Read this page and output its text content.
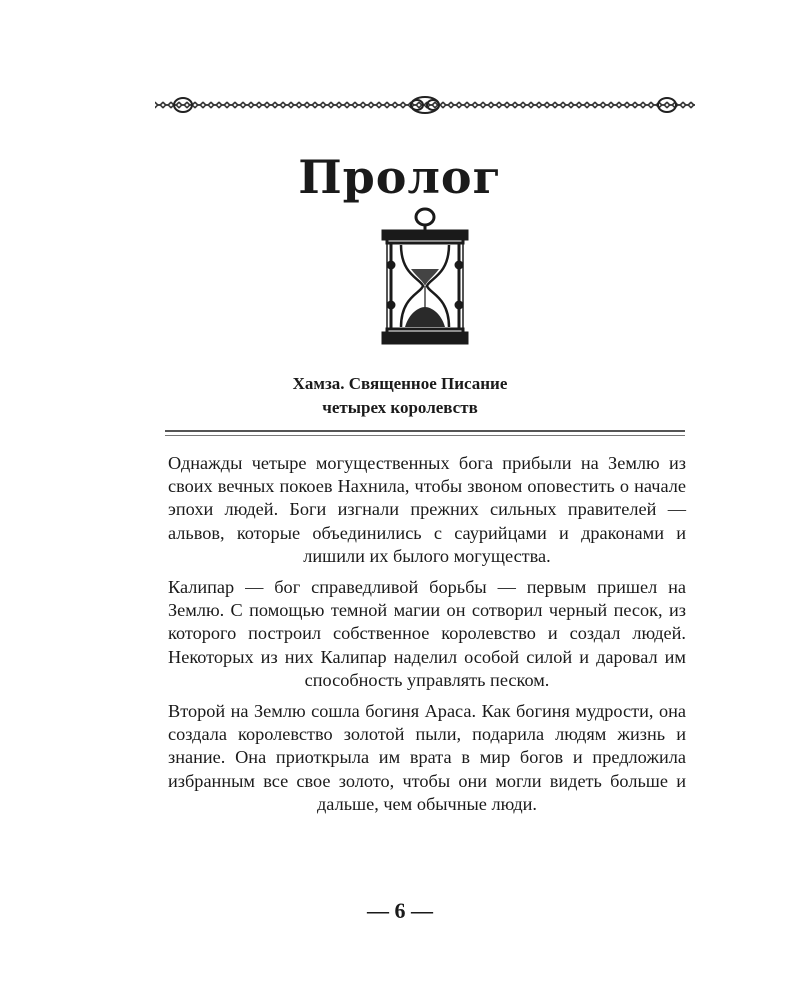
Пролог
Хамза. Священное Писание
четырех королевств

Однажды четыре могущественных бога прибыли на Землю из своих вечных покоев Нахнила, чтобы звоном оповестить о начале эпохи людей. Боги изгнали прежних сильных правителей — альвов, которые объединились с саурийцами и драконами и лишили их былого могущества.

Калипар — бог справедливой борьбы — первым пришел на Землю. С помощью темной магии он сотворил черный песок, из которого построил собственное королевство и создал людей. Некоторых из них Калипар наделил особой силой и даровал им способность управлять песком.

Второй на Землю сошла богиня Араса. Как богиня мудрости, она создала королевство золотой пыли, подарила людям жизнь и знание. Она приоткрыла им врата в мир богов и предложила избранным все свое золото, чтобы они могли видеть больше и дальше, чем обычные люди.

— 6 —
